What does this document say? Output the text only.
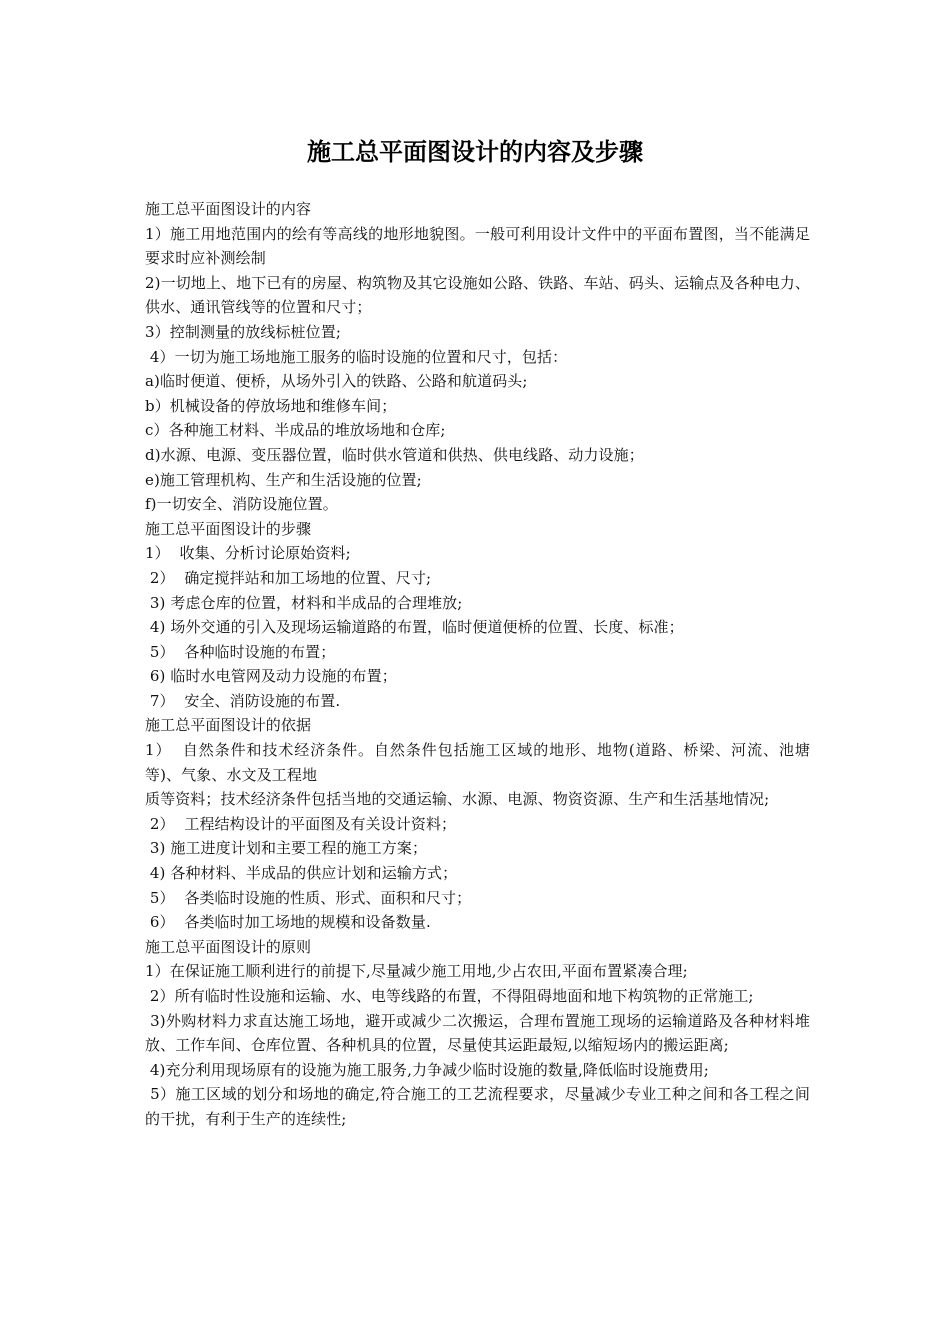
施工总平面图设计的内容及步骤

施工总平面图设计的内容

1）施工用地范围内的绘有等高线的地形地貌图。一般可利用设计文件中的平面布置图，当不能满足要求时应补测绘制

2)一切地上、地下已有的房屋、构筑物及其它设施如公路、铁路、车站、码头、运输点及各种电力、供水、通讯管线等的位置和尺寸；

3）控制测量的放线标桩位置;

4）一切为施工场地施工服务的临时设施的位置和尺寸，包括：

a)临时便道、便桥，从场外引入的铁路、公路和航道码头;

b）机械设备的停放场地和维修车间；

c）各种施工材料、半成品的堆放场地和仓库;

d)水源、电源、变压器位置，临时供水管道和供热、供电线路、动力设施；

e)施工管理机构、生产和生活设施的位置;

f)一切安全、消防设施位置。

施工总平面图设计的步骤

1）  收集、分析讨论原始资料;

2）  确定搅拌站和加工场地的位置、尺寸;

3) 考虑仓库的位置，材料和半成品的合理堆放;

4) 场外交通的引入及现场运输道路的布置，临时便道便桥的位置、长度、标准；

5）  各种临时设施的布置；

6) 临时水电管网及动力设施的布置；

7）  安全、消防设施的布置.

施工总平面图设计的依据

1）  自然条件和技术经济条件。自然条件包括施工区域的地形、地物(道路、桥梁、河流、池塘等)、气象、水文及工程地

质等资料；技术经济条件包括当地的交通运输、水源、电源、物资资源、生产和生活基地情况;

2）  工程结构设计的平面图及有关设计资料；

3) 施工进度计划和主要工程的施工方案；

4) 各种材料、半成品的供应计划和运输方式；

5）  各类临时设施的性质、形式、面积和尺寸；

6）  各类临时加工场地的规模和设备数量.

施工总平面图设计的原则

1）在保证施工顺利进行的前提下,尽量减少施工用地,少占农田,平面布置紧凑合理;

2）所有临时性设施和运输、水、电等线路的布置，不得阻碍地面和地下构筑物的正常施工;

3)外购材料力求直达施工场地，避开或减少二次搬运，合理布置施工现场的运输道路及各种材料堆放、工作车间、仓库位置、各种机具的位置，尽量使其运距最短,以缩短场内的搬运距离;

4)充分利用现场原有的设施为施工服务,力争减少临时设施的数量,降低临时设施费用;

5）施工区域的划分和场地的确定,符合施工的工艺流程要求，尽量减少专业工种之间和各工程之间的干扰，有利于生产的连续性;
